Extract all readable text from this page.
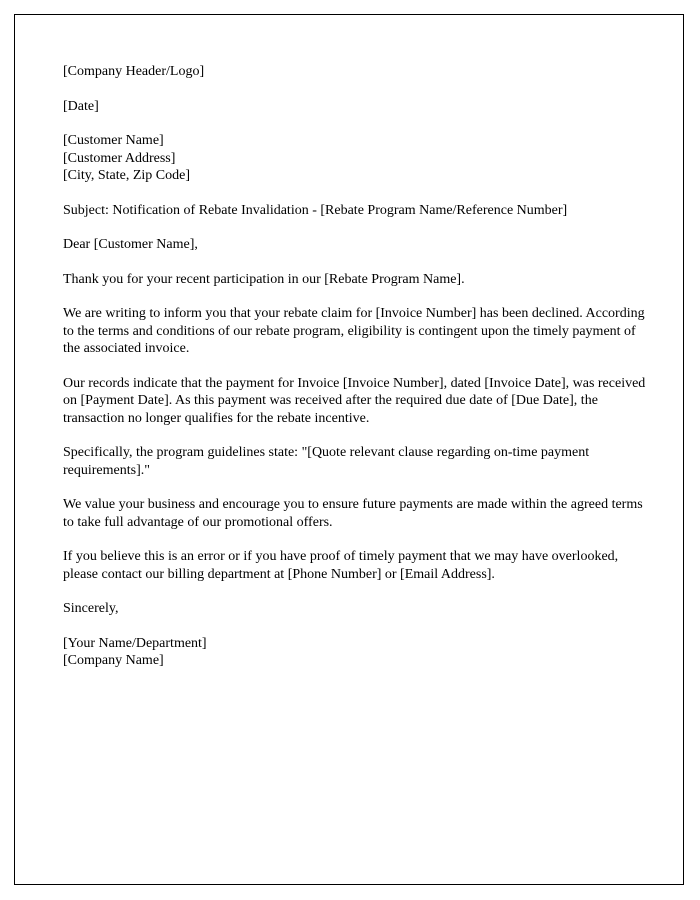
[Company Header/Logo]

[Date]

[Customer Name]

[Customer Address]

[City, State, Zip Code]

Subject: Notification of Rebate Invalidation - [Rebate Program Name/Reference Number]

Dear [Customer Name],

Thank you for your recent participation in our [Rebate Program Name].

We are writing to inform you that your rebate claim for [Invoice Number] has been declined. According to the terms and conditions of our rebate program, eligibility is contingent upon the timely payment of the associated invoice.

Our records indicate that the payment for Invoice [Invoice Number], dated [Invoice Date], was received on [Payment Date]. As this payment was received after the required due date of [Due Date], the transaction no longer qualifies for the rebate incentive.

Specifically, the program guidelines state: "[Quote relevant clause regarding on-time payment requirements]."

We value your business and encourage you to ensure future payments are made within the agreed terms to take full advantage of our promotional offers.

If you believe this is an error or if you have proof of timely payment that we may have overlooked, please contact our billing department at [Phone Number] or [Email Address].

Sincerely,

[Your Name/Department]

[Company Name]
